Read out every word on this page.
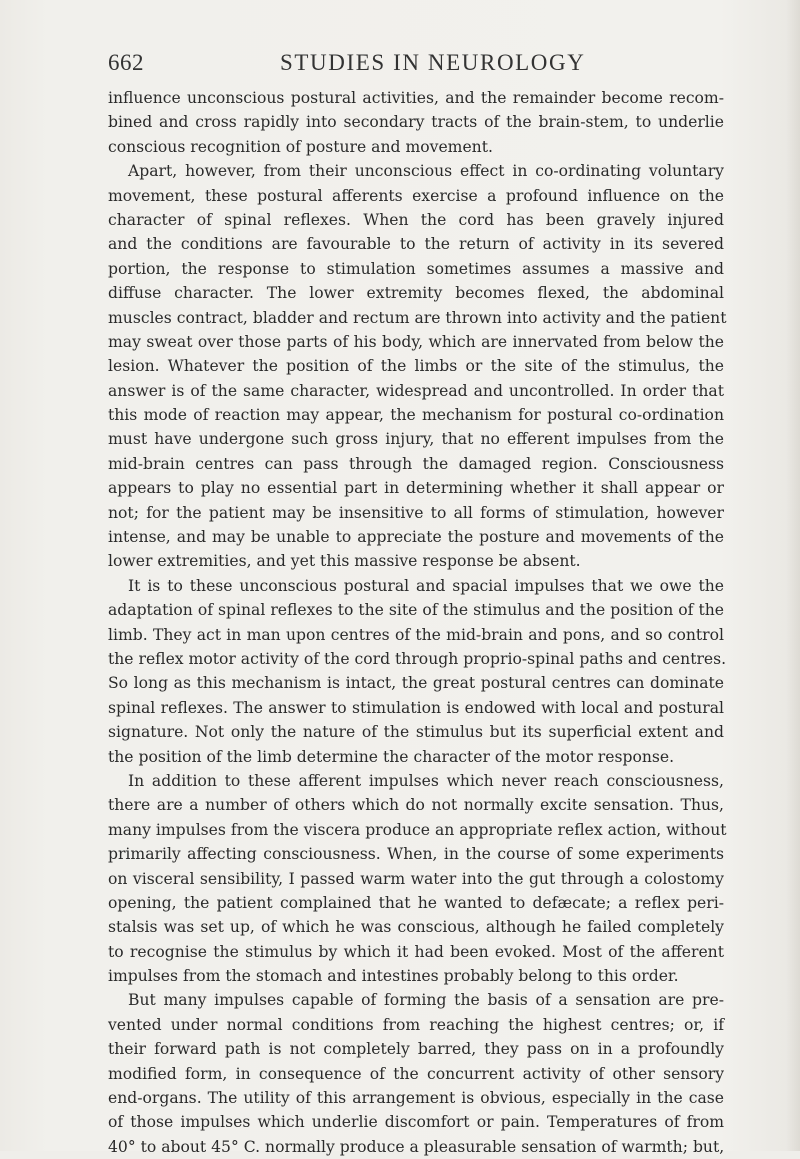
662	STUDIES IN NEUROLOGY
influence unconscious postural activities, and the remainder become recom-
bined and cross rapidly into secondary tracts of the brain-stem, to underlie
conscious recognition of posture and movement.
Apart, however, from their unconscious effect in co-ordinating voluntary
movement, these postural afferents exercise a profound influence on the
character of spinal reflexes. When the cord has been gravely injured
and the conditions are favourable to the return of activity in its severed
portion, the response to stimulation sometimes assumes a massive and
diffuse character. The lower extremity becomes flexed, the abdominal
muscles contract, bladder and rectum are thrown into activity and the patient
may sweat over those parts of his body, which are innervated from below the
lesion. Whatever the position of the limbs or the site of the stimulus, the
answer is of the same character, widespread and uncontrolled. In order that
this mode of reaction may appear, the mechanism for postural co-ordination
must have undergone such gross injury, that no efferent impulses from the
mid-brain centres can pass through the damaged region. Consciousness
appears to play no essential part in determining whether it shall appear or
not; for the patient may be insensitive to all forms of stimulation, however
intense, and may be unable to appreciate the posture and movements of the
lower extremities, and yet this massive response be absent.
It is to these unconscious postural and spacial impulses that we owe the
adaptation of spinal reflexes to the site of the stimulus and the position of the
limb. They act in man upon centres of the mid-brain and pons, and so control
the reflex motor activity of the cord through proprio-spinal paths and centres.
So long as this mechanism is intact, the great postural centres can dominate
spinal reflexes. The answer to stimulation is endowed with local and postural
signature. Not only the nature of the stimulus but its superficial extent and
the position of the limb determine the character of the motor response.
In addition to these afferent impulses which never reach consciousness,
there are a number of others which do not normally excite sensation. Thus,
many impulses from the viscera produce an appropriate reflex action, without
primarily affecting consciousness. When, in the course of some experiments
on visceral sensibility, I passed warm water into the gut through a colostomy
opening, the patient complained that he wanted to defæcate; a reflex peri-
stalsis was set up, of which he was conscious, although he failed completely
to recognise the stimulus by which it had been evoked. Most of the afferent
impulses from the stomach and intestines probably belong to this order.
But many impulses capable of forming the basis of a sensation are pre-
vented under normal conditions from reaching the highest centres; or, if
their forward path is not completely barred, they pass on in a profoundly
modified form, in consequence of the concurrent activity of other sensory
end-organs. The utility of this arrangement is obvious, especially in the case
of those impulses which underlie discomfort or pain. Temperatures of from
40° to about 45° C. normally produce a pleasurable sensation of warmth; but,
